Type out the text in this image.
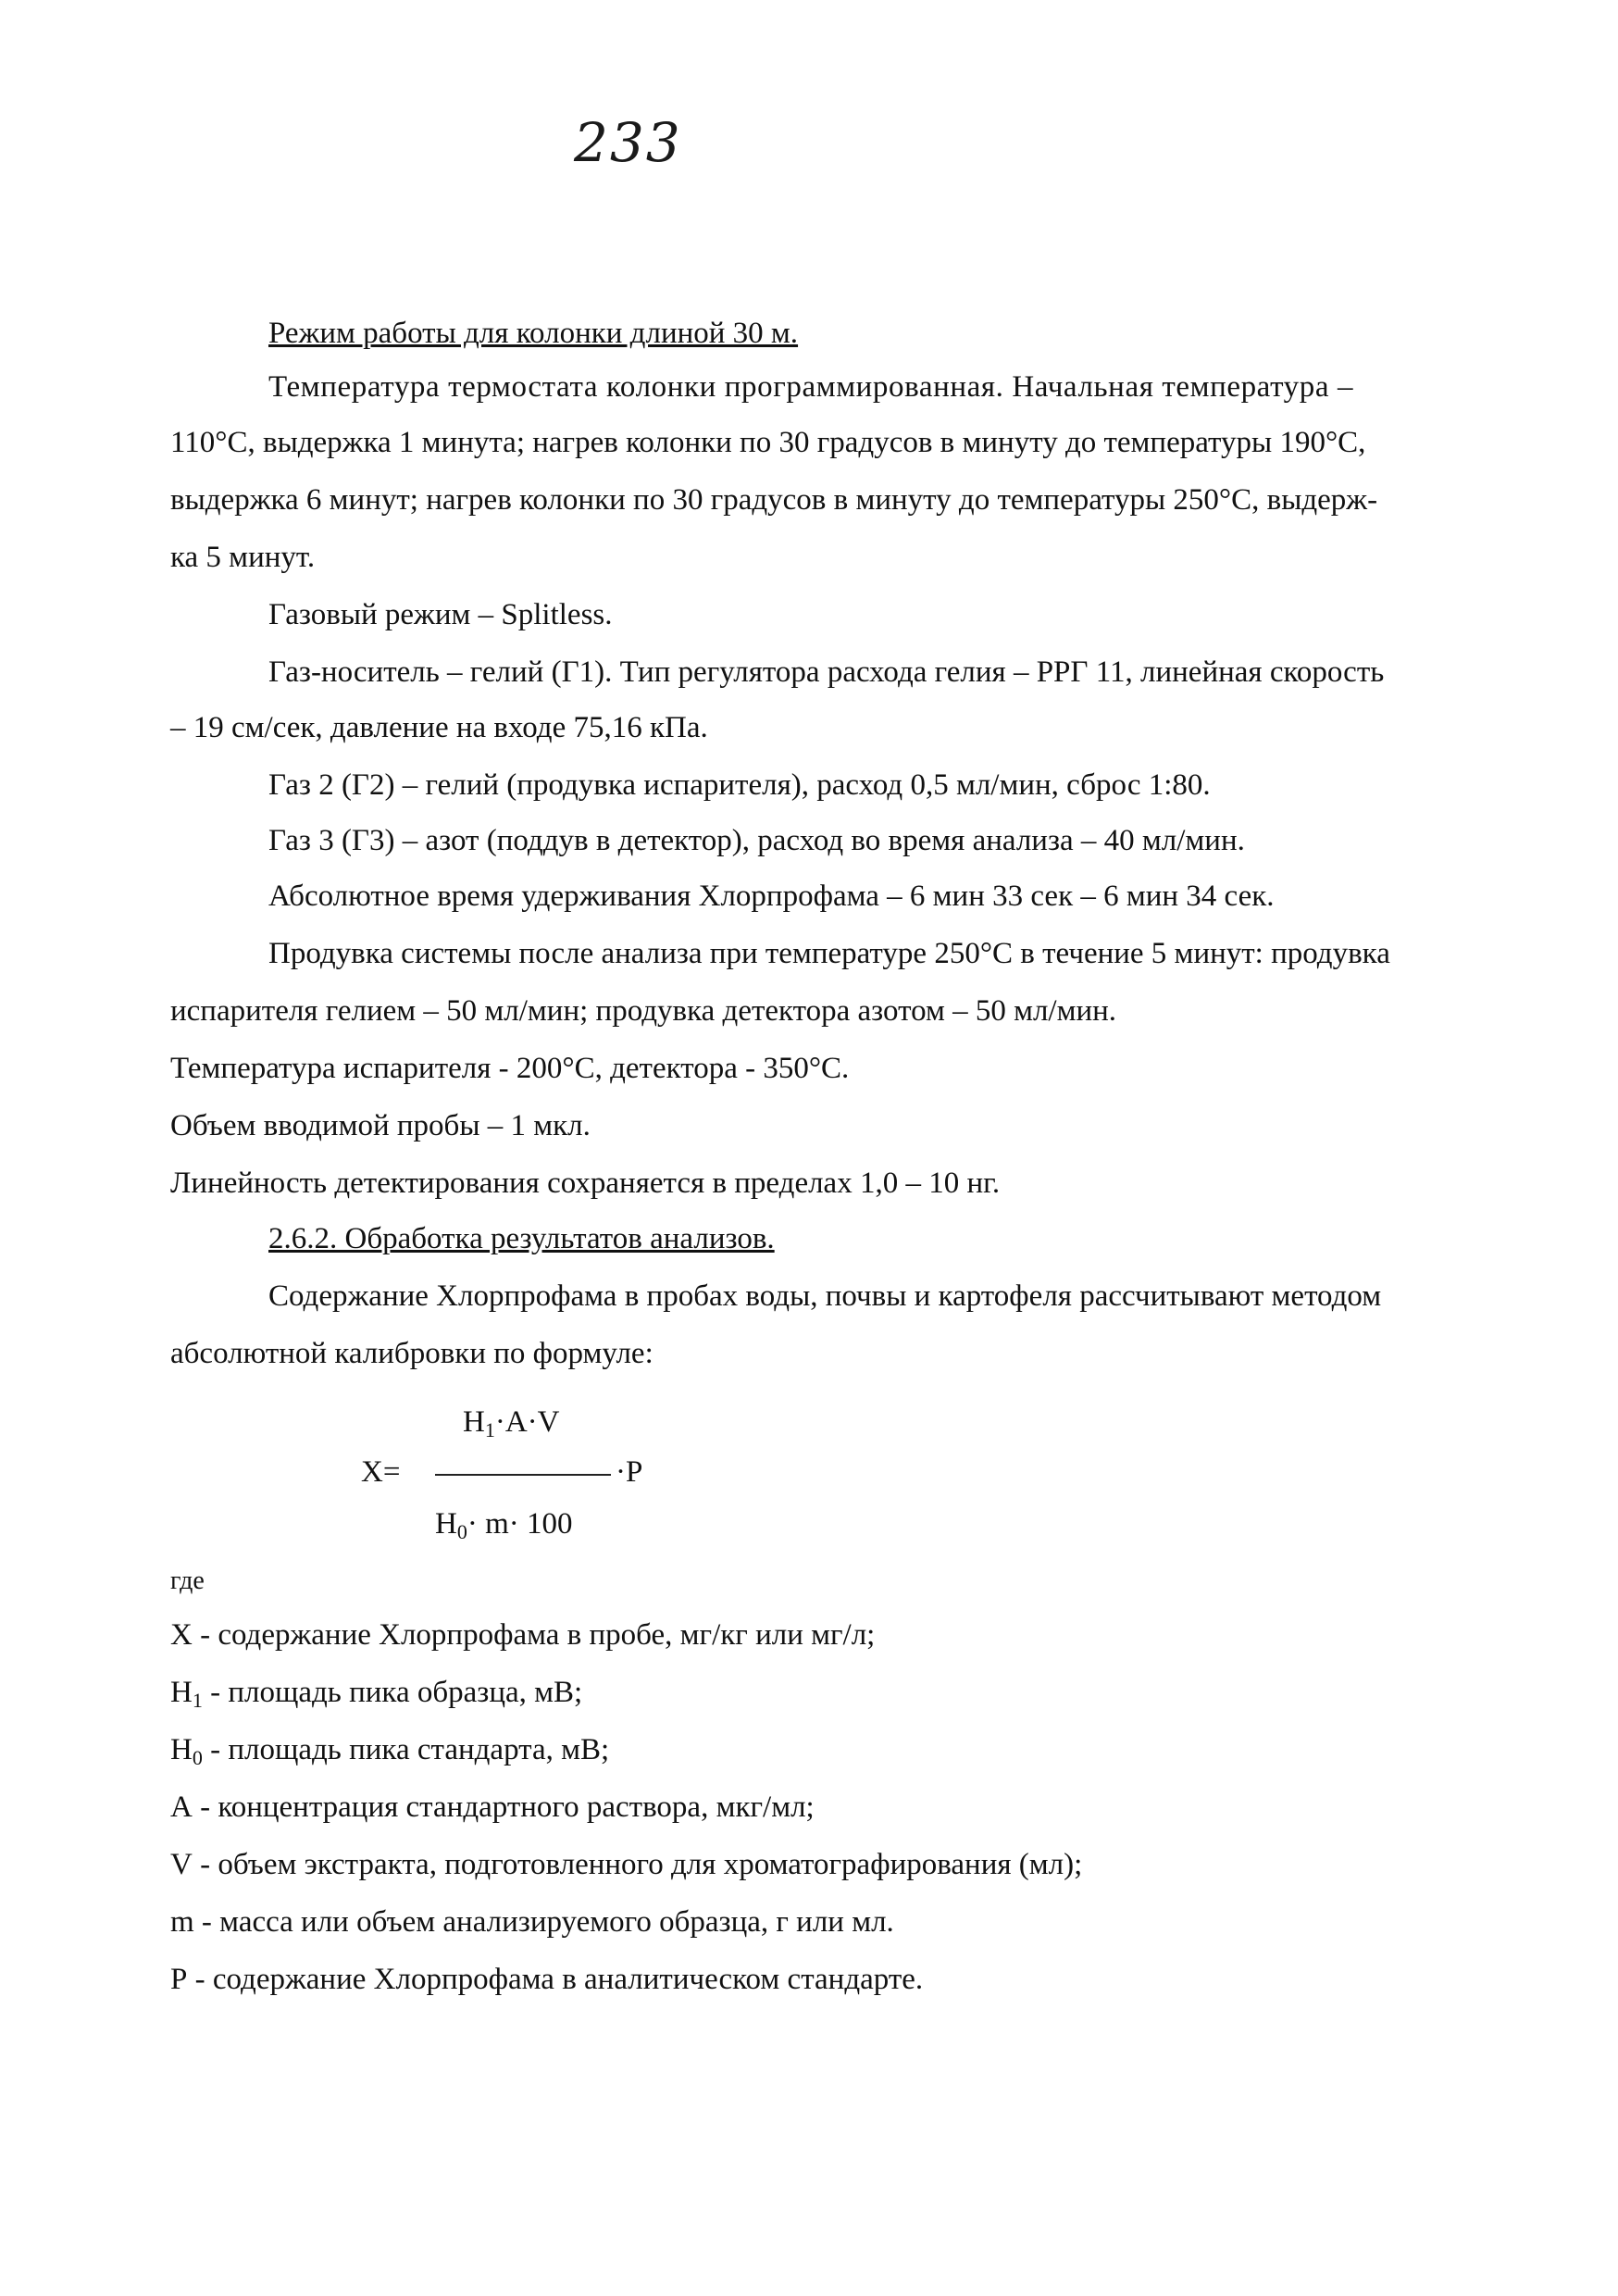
233
Режим работы для колонки длиной 30 м.
Температура термостата колонки программированная. Начальная температура –
110°С, выдержка 1 минута; нагрев колонки по 30 градусов в минуту до температуры 190°С,
выдержка 6 минут; нагрев колонки по 30 градусов в минуту до температуры 250°С, выдерж-
ка 5 минут.
Газовый режим – Splitless.
Газ-носитель – гелий (Г1). Тип регулятора расхода гелия – РРГ 11, линейная скорость
– 19 см/сек, давление на входе 75,16 кПа.
Газ 2 (Г2) – гелий (продувка испарителя), расход 0,5 мл/мин, сброс 1:80.
Газ 3 (Г3) – азот (поддув в детектор), расход во время анализа – 40 мл/мин.
Абсолютное время удерживания Хлорпрофама – 6 мин 33 сек – 6 мин 34 сек.
Продувка системы после анализа при температуре 250°С в течение 5 минут: продувка
испарителя гелием – 50 мл/мин; продувка детектора азотом – 50 мл/мин.
Температура испарителя - 200°С, детектора - 350°С.
Объем вводимой пробы – 1 мкл.
Линейность детектирования сохраняется в пределах 1,0 – 10 нг.
2.6.2. Обработка результатов анализов.
Содержание Хлорпрофама в пробах воды, почвы и картофеля рассчитывают методом
абсолютной калибровки по формуле:
$H_1\cdot A\cdot V$
X=	·P
$H_0\cdot m\cdot 100$
где
X - содержание Хлорпрофама в пробе, мг/кг или мг/л;
$H_1$ - площадь пика образца, мВ;
$H_0$ - площадь пика стандарта, мВ;
A - концентрация стандартного раствора, мкг/мл;
V - объем экстракта, подготовленного для хроматографирования (мл);
m - масса или объем анализируемого образца, г или мл.
P - содержание Хлорпрофама в аналитическом стандарте.
